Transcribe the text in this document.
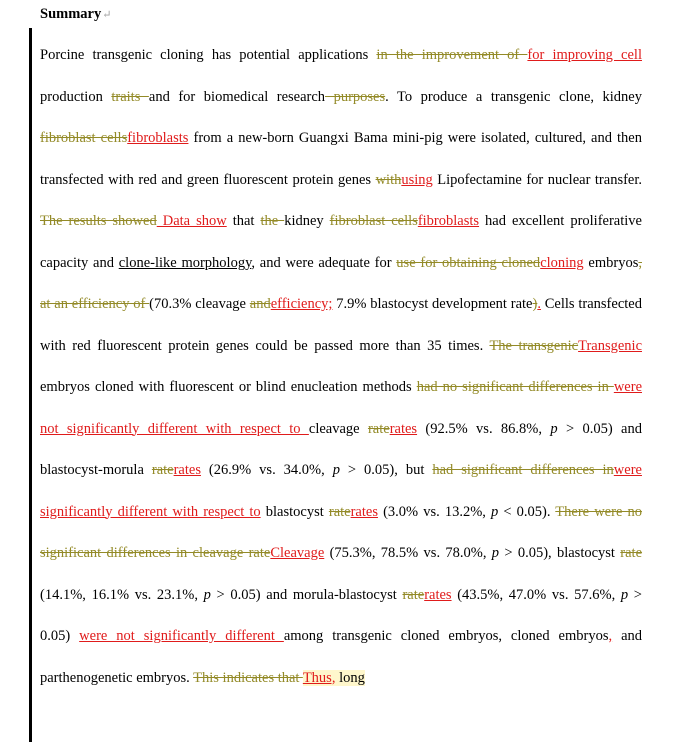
Summary↵
Porcine transgenic cloning has potential applications in the improvement of for improving cell production traits and for biomedical research purposes. To produce a transgenic clone, kidney fibroblast cellsfibroblasts from a new-born Guangxi Bama mini-pig were isolated, cultured, and then transfected with red and green fluorescent protein genes withusing Lipofectamine for nuclear transfer. The results showed Data show that the kidney fibroblast cellsfibroblasts had excellent proliferative capacity and clone-like morphology, and were adequate for use for obtaining clonedcloning embryos, at an efficiency of (70.3% cleavage andefficiency; 7.9% blastocyst development rate). Cells transfected with red fluorescent protein genes could be passed more than 35 times. The transgenicTransgenic embryos cloned with fluorescent or blind enucleation methods had no significant differences in were not significantly different with respect to cleavage raterates (92.5% vs. 86.8%, p > 0.05) and blastocyst-morula raterates (26.9% vs. 34.0%, p > 0.05), but had significant differences inwere significantly different with respect to blastocyst raterates (3.0% vs. 13.2%, p < 0.05). There were no significant differences in cleavage rateCleavage (75.3%, 78.5% vs. 78.0%, p > 0.05), blastocyst rate (14.1%, 16.1% vs. 23.1%, p > 0.05) and morula-blastocyst raterates (43.5%, 47.0% vs. 57.6%, p > 0.05) were not significantly different among transgenic cloned embryos, cloned embryos, and parthenogenetic embryos. This indicates that Thus, long
